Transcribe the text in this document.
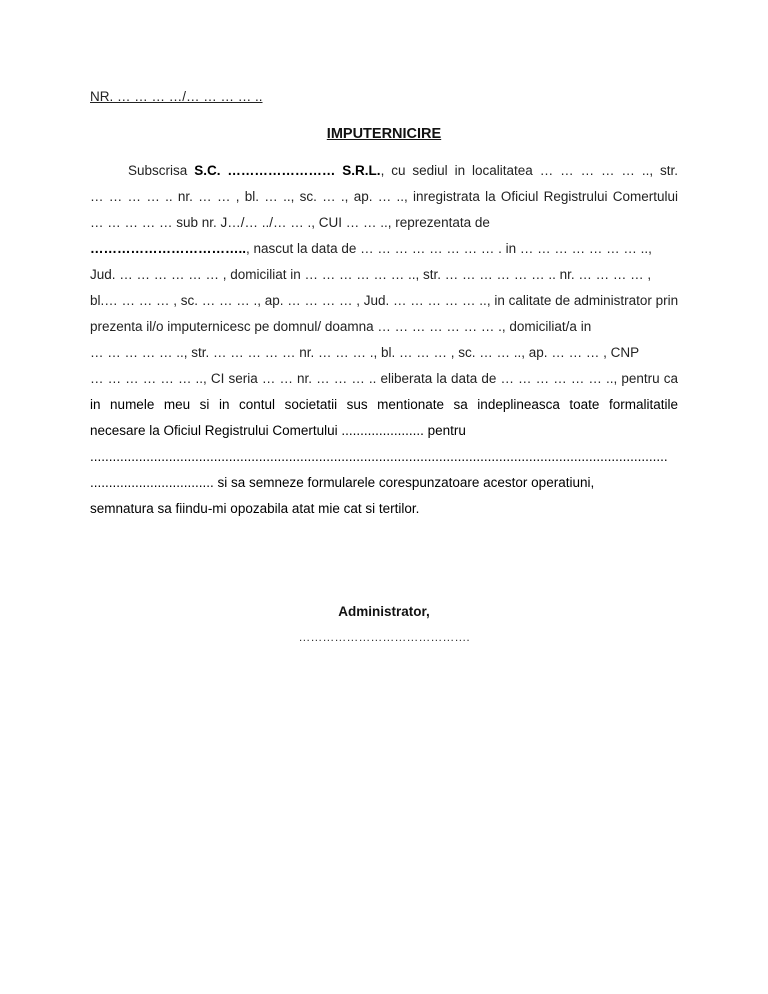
NR. … … … …/… … … … ..
IMPUTERNICIRE
Subscrisa S.C. …………………… S.R.L., cu sediul in localitatea … … … … … .., str.
… … … … .. nr. … … , bl. … .., sc. … ., ap. … .., inregistrata la Oficiul Registrului Comertului
… … … … … sub nr. J…/… ../… … ., CUI … … .., reprezentata de
…………………………….., nascut la data de … … … … … … … … . in … … … … … … … ..,
Jud. … … … … … … , domiciliat in … … … … … … .., str. … … … … … … .. nr. … … … … ,
bl.… … … … , sc. … … … ., ap. … … … … , Jud. … … … … … .., in calitate de administrator prin
prezenta il/o imputernicesc pe domnul/ doamna … … … … … … … ., domiciliat/a in
… … … … … .., str. … … … … … nr. … … … ., bl. … … … , sc. … … .., ap. … … … , CNP
… … … … … … .., CI seria … … nr. … … … .. eliberata la data de … … … … … … .., pentru ca
in numele meu si in contul societatii sus mentionate sa indeplineasca toate formalitatile
necesare la Oficiul Registrului Comertului ...................... pentru
..........................................................................................................................................................
................................. si sa semneze formularele corespunzatoare acestor operatiuni,
semnatura sa fiindu-mi opozabila atat mie cat si tertilor.
Administrator,
…………………………………….
